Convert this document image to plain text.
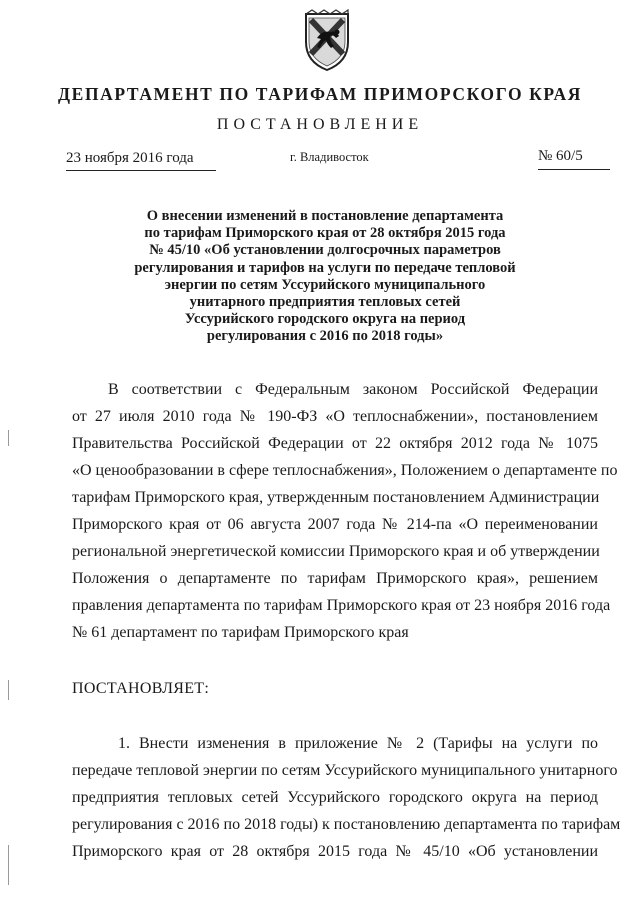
ДЕПАРТАМЕНТ ПО ТАРИФАМ ПРИМОРСКОГО КРАЯ
ПОСТАНОВЛЕНИЕ
23 ноября 2016 года	г. Владивосток	№ 60/5
О внесении изменений в постановление департамента
по тарифам Приморского края от 28 октября 2015 года
№ 45/10 «Об установлении долгосрочных параметров
регулирования и тарифов на услуги по передаче тепловой
энергии по сетям Уссурийского муниципального
унитарного предприятия тепловых сетей
Уссурийского городского округа на период
регулирования с 2016 по 2018 годы»
В соответствии с Федеральным законом Российской Федерации
от 27 июля 2010 года № 190-ФЗ «О теплоснабжении», постановлением
Правительства Российской Федерации от 22 октября 2012 года № 1075
«О ценообразовании в сфере теплоснабжения», Положением о департаменте по
тарифам Приморского края, утвержденным постановлением Администрации
Приморского края от 06 августа 2007 года № 214-па «О переименовании
региональной энергетической комиссии Приморского края и об утверждении
Положения о департаменте по тарифам Приморского края», решением
правления департамента по тарифам Приморского края от 23 ноября 2016 года
№ 61 департамент по тарифам Приморского края
ПОСТАНОВЛЯЕТ:
1. Внести изменения в приложение № 2 (Тарифы на услуги по
передаче тепловой энергии по сетям Уссурийского муниципального унитарного
предприятия тепловых сетей Уссурийского городского округа на период
регулирования с 2016 по 2018 годы) к постановлению департамента по тарифам
Приморского края от 28 октября 2015 года № 45/10 «Об установлении
